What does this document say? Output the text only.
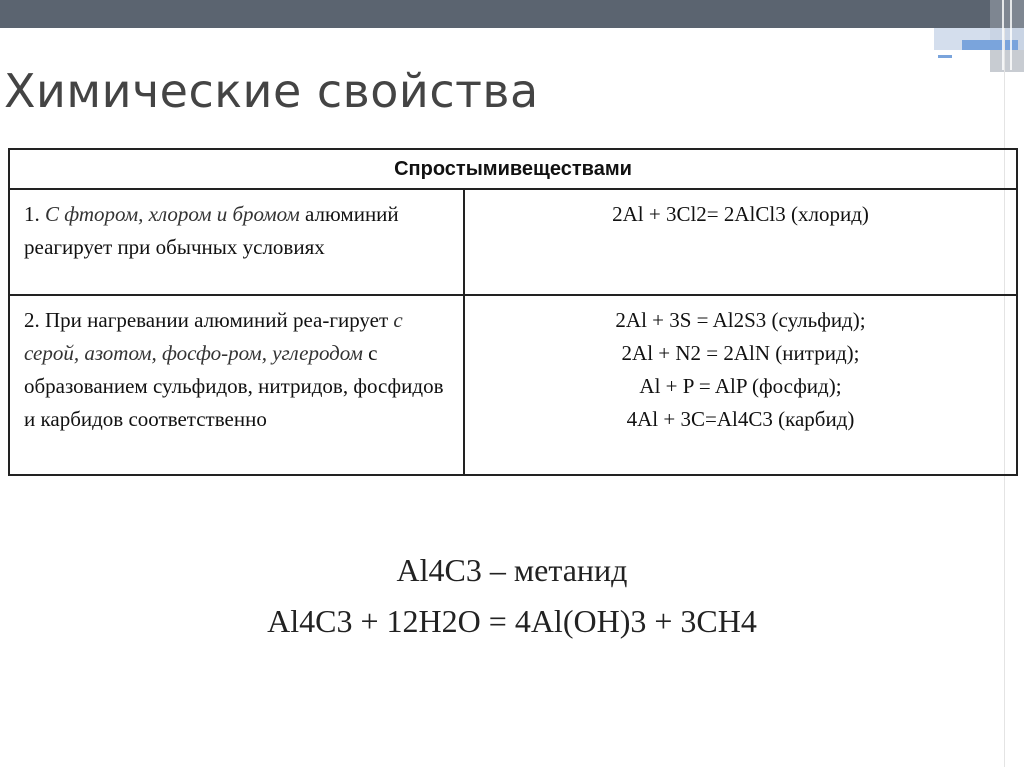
Химические свойства
Спростымивеществами	
1. С фтором, хлором и бромом алюминий реагирует при обычных условиях	2Al + 3Cl2= 2AlCl3 (хлорид)

2. При нагревании алюминий реа-гирует с серой, азотом, фосфо-ром, углеродом с образованием сульфидов, нитридов, фосфидов и карбидов соответственно	2Al + 3S = Al2S3 (сульфид);
2Al + N2 = 2AlN (нитрид);
Al + P = AlP (фосфид);
4Al + 3C=Al4C3 (карбид)
Al4C3 – метанид
Al4C3 + 12H2O = 4Al(OH)3 + 3CH4
